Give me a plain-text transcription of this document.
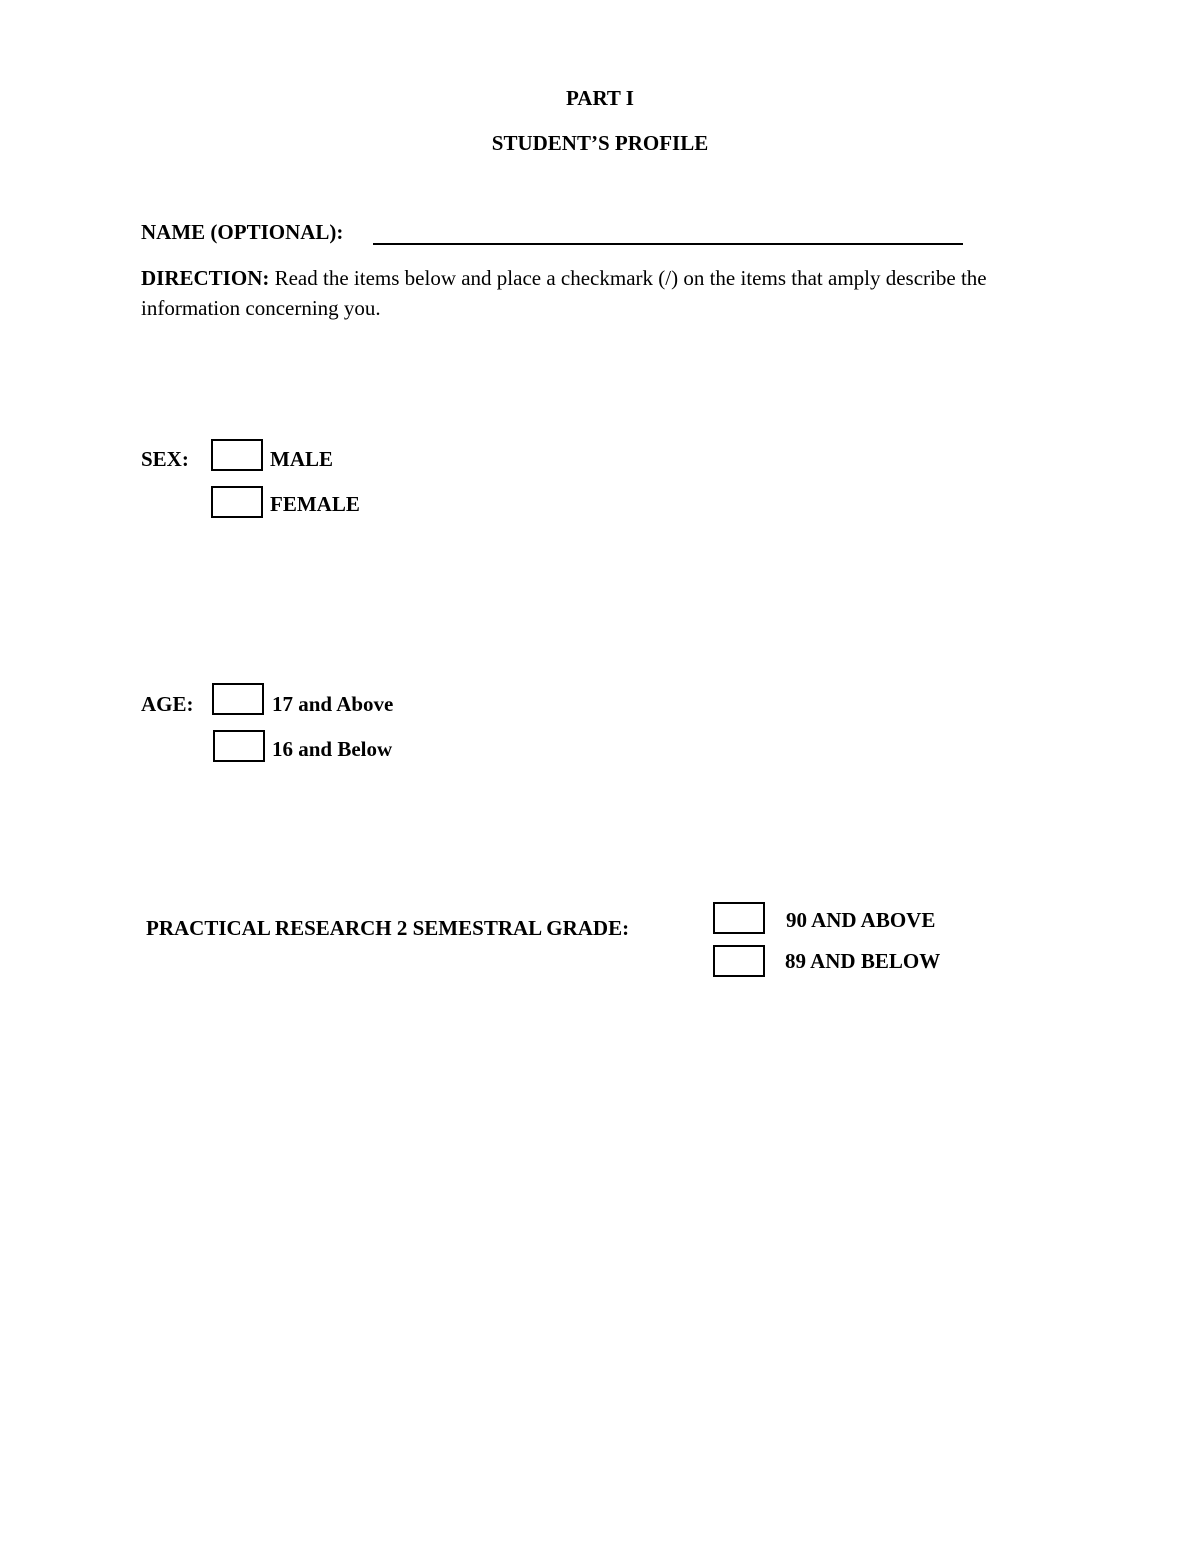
PART I
STUDENT’S PROFILE
NAME (OPTIONAL):
DIRECTION: Read the items below and place a checkmark (/) on the items that amply describe the information concerning you.
SEX:	MALE
FEMALE
AGE:	17 and Above
16 and Below
PRACTICAL RESEARCH 2 SEMESTRAL GRADE:	90 AND ABOVE
89 AND BELOW
